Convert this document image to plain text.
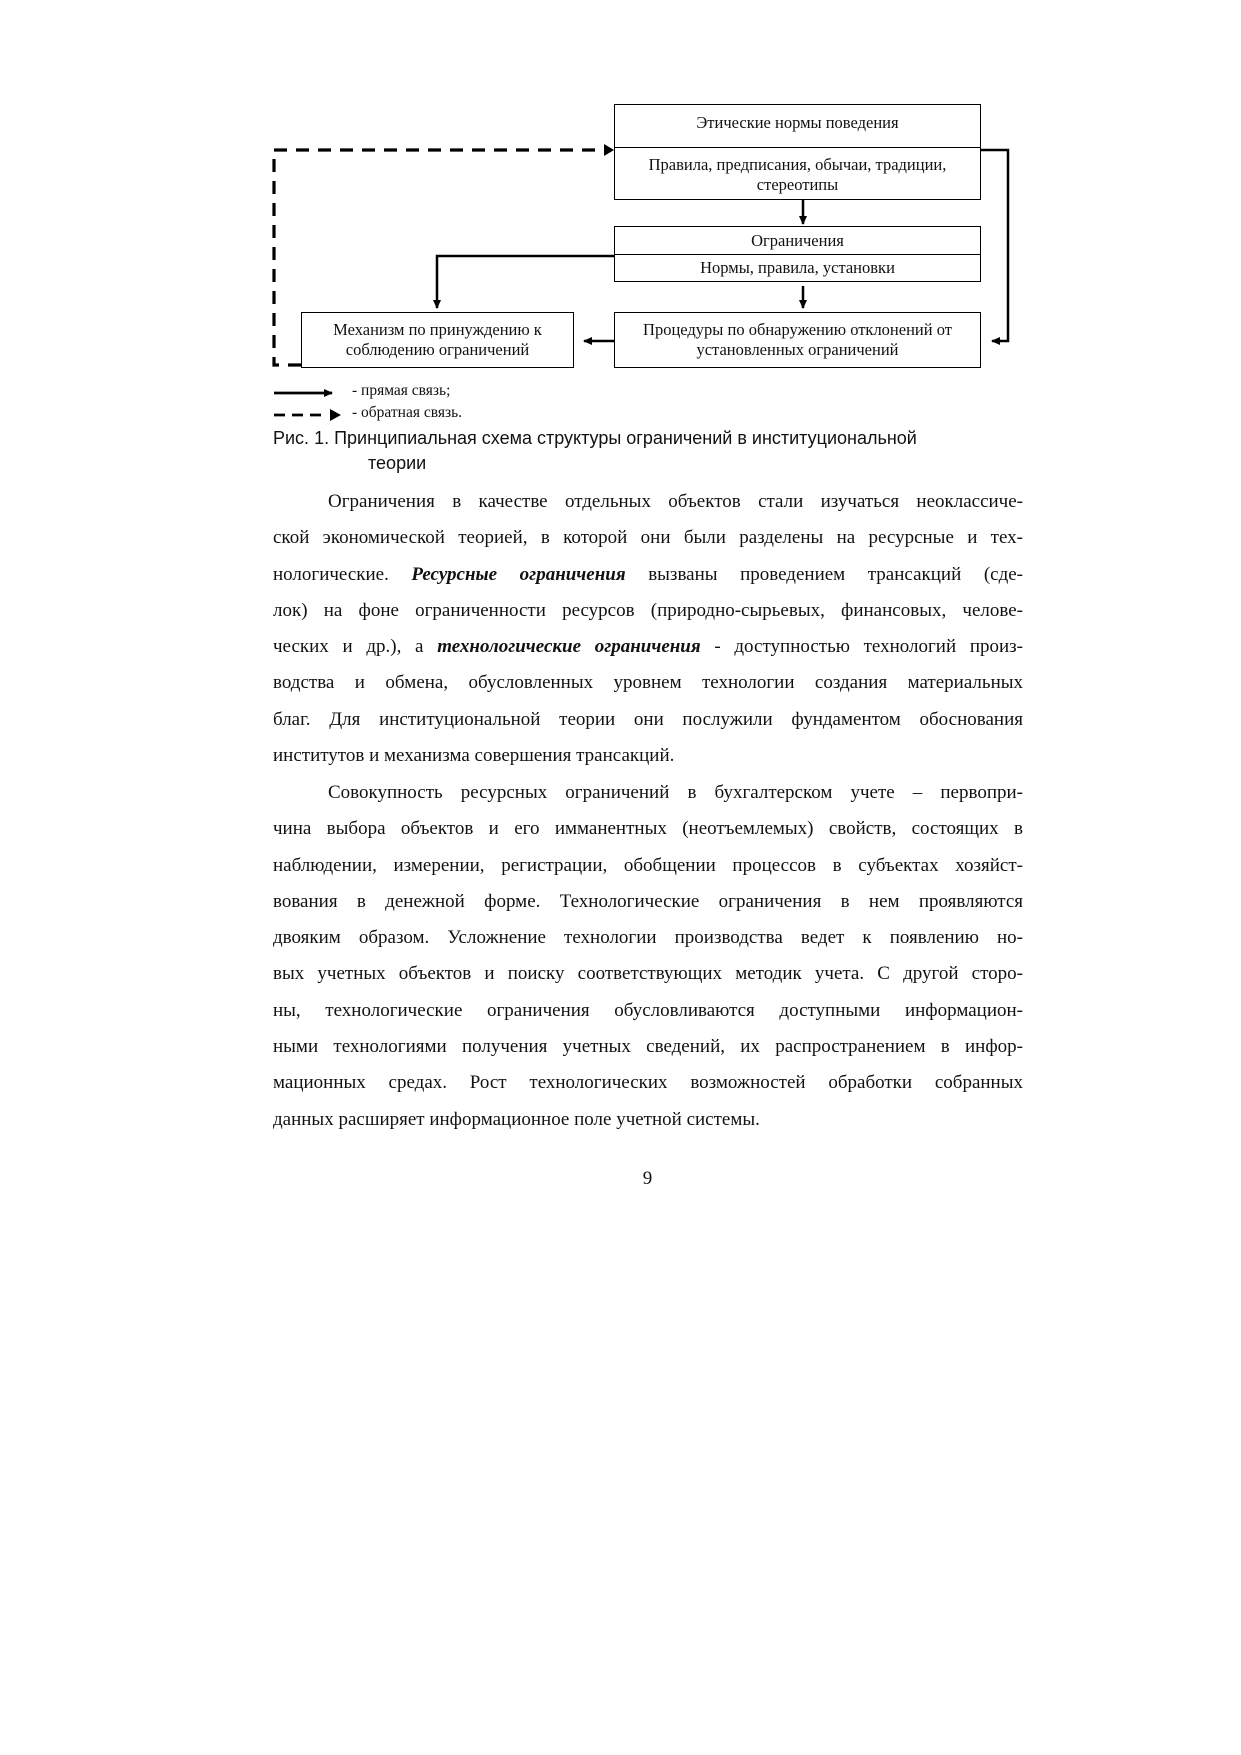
Этические нормы поведения
Правила, предписания, обычаи, традиции, стереотипы
Ограничения
Нормы, правила, установки
Механизм по принуждению к соблюдению ограничений
Процедуры по обнаружению отклонений от установленных ограничений
- прямая связь;
- обратная связь.
Рис. 1. Принципиальная схема структуры ограничений в институциональной
теории
Ограничения в качестве отдельных объектов стали изучаться неоклассиче-
ской экономической теорией, в которой они были разделены на ресурсные и тех-
нологические. Ресурсные ограничения вызваны проведением трансакций (сде-
лок) на фоне ограниченности ресурсов (природно-сырьевых, финансовых, челове-
ческих и др.), а технологические ограничения - доступностью технологий произ-
водства и обмена, обусловленных уровнем технологии создания материальных
благ. Для институциональной теории они послужили фундаментом обоснования
институтов и механизма совершения трансакций.
Совокупность ресурсных ограничений в бухгалтерском учете – первопри-
чина выбора объектов и его имманентных (неотъемлемых) свойств, состоящих в
наблюдении, измерении, регистрации, обобщении процессов в субъектах хозяйст-
вования в денежной форме. Технологические ограничения в нем проявляются
двояким образом. Усложнение технологии производства ведет к появлению но-
вых учетных объектов и поиску соответствующих методик учета. С другой сторо-
ны, технологические ограничения обусловливаются доступными информацион-
ными технологиями получения учетных сведений, их распространением в инфор-
мационных средах. Рост технологических возможностей обработки собранных
данных расширяет информационное поле учетной системы.
9
